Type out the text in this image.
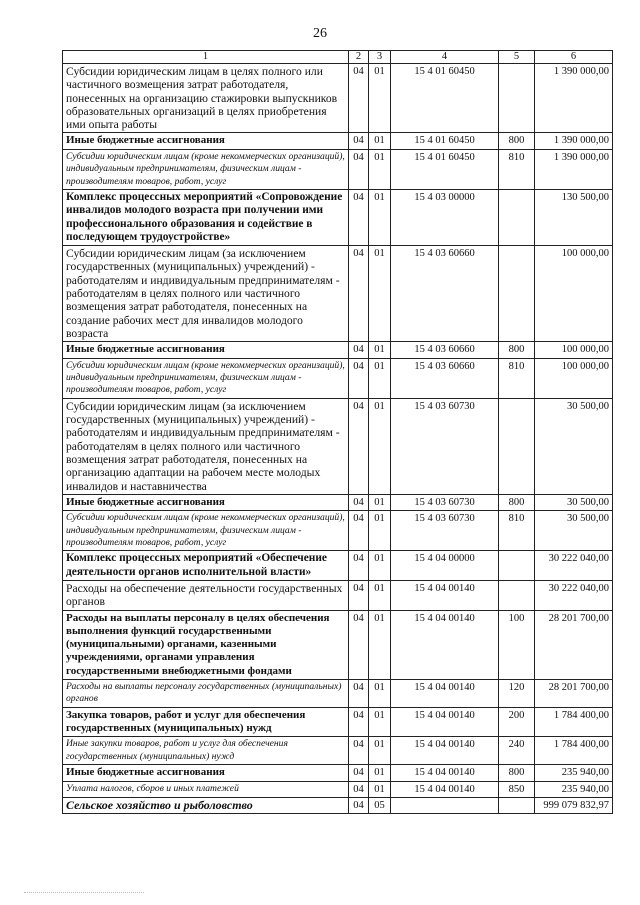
26
1	2	3	4	5	6
Субсидии юридическим лицам в целях полного или частичного возмещения затрат работодателя, понесенных на организацию стажировки выпускников образовательных организаций в целях приобретения ими опыта работы	04	01	15 4 01 60450		1 390 000,00
Иные бюджетные ассигнования	04	01	15 4 01 60450	800	1 390 000,00
Субсидии юридическим лицам (кроме некоммерческих организаций), индивидуальным предпринимателям, физическим лицам - производителям товаров, работ, услуг	04	01	15 4 01 60450	810	1 390 000,00
Комплекс процессных мероприятий «Сопровождение инвалидов молодого возраста при получении ими профессионального образования и содействие в последующем трудоустройстве»	04	01	15 4 03 00000		130 500,00
Субсидии юридическим лицам (за исключением государственных (муниципальных) учреждений) - работодателям и индивидуальным предпринимателям - работодателям в целях полного или частичного возмещения затрат работодателя, понесенных на создание рабочих мест для инвалидов молодого возраста	04	01	15 4 03 60660		100 000,00
Иные бюджетные ассигнования	04	01	15 4 03 60660	800	100 000,00
Субсидии юридическим лицам (кроме некоммерческих организаций), индивидуальным предпринимателям, физическим лицам - производителям товаров, работ, услуг	04	01	15 4 03 60660	810	100 000,00
Субсидии юридическим лицам (за исключением государственных (муниципальных) учреждений) - работодателям и индивидуальным предпринимателям - работодателям в целях полного или частичного возмещения затрат работодателя, понесенных на организацию адаптации на рабочем месте молодых инвалидов и наставничества	04	01	15 4 03 60730		30 500,00
Иные бюджетные ассигнования	04	01	15 4 03 60730	800	30 500,00
Субсидии юридическим лицам (кроме некоммерческих организаций), индивидуальным предпринимателям, физическим лицам - производителям товаров, работ, услуг	04	01	15 4 03 60730	810	30 500,00
Комплекс процессных мероприятий «Обеспечение деятельности органов исполнительной власти»	04	01	15 4 04 00000		30 222 040,00
Расходы на обеспечение деятельности государственных органов	04	01	15 4 04 00140		30 222 040,00
Расходы на выплаты персоналу в целях обеспечения выполнения функций государственными (муниципальными) органами, казенными учреждениями, органами управления государственными внебюджетными фондами	04	01	15 4 04 00140	100	28 201 700,00
Расходы на выплаты персоналу государственных (муниципальных) органов	04	01	15 4 04 00140	120	28 201 700,00
Закупка товаров, работ и услуг для обеспечения государственных (муниципальных) нужд	04	01	15 4 04 00140	200	1 784 400,00
Иные закупки товаров, работ и услуг для обеспечения государственных (муниципальных) нужд	04	01	15 4 04 00140	240	1 784 400,00
Иные бюджетные ассигнования	04	01	15 4 04 00140	800	235 940,00
Уплата налогов, сборов и иных платежей	04	01	15 4 04 00140	850	235 940,00
Сельское хозяйство и рыболовство	04	05			999 079 832,97
